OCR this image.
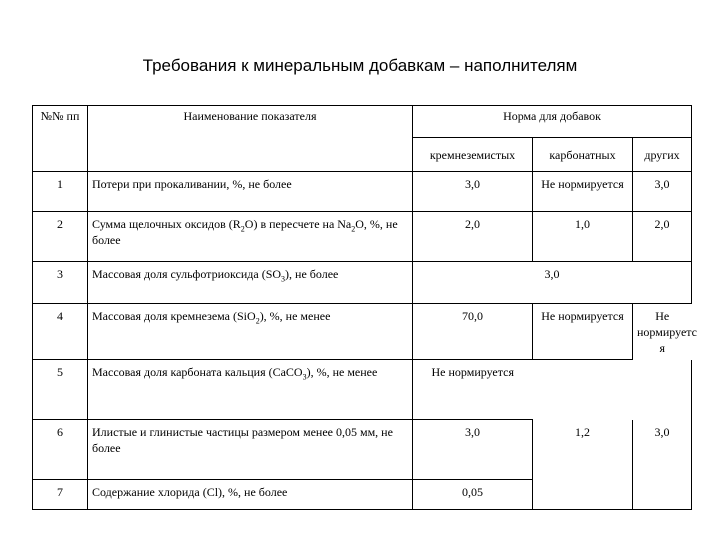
Требования к минеральным добавкам – наполнителям
№№ пп	Наименование показателя	Норма для добавок		
		кремнеземистых	карбонатных	других
1	Потери при прокаливании, %, не более	3,0	Не нормируется	3,0
2	Сумма щелочных оксидов $(R_2O)$ в пересчете на $Na_2O$, %, не более	2,0	1,0	2,0
3	Массовая доля сульфотриоксида $(SO_3)$, не более	3,0		
4	Массовая доля кремнезема (SiO$_2$), %, не менее	70,0	Не нормируется	Не нормируетс я
5	Массовая доля карбоната кальция (CaCO$_3$), %, не менее	Не нормируется		
6	Илистые и глинистые частицы размером менее 0,05 мм, не более	3,0	1,2	3,0
7	Содержание хлорида (Cl), %, не более	0,05		
